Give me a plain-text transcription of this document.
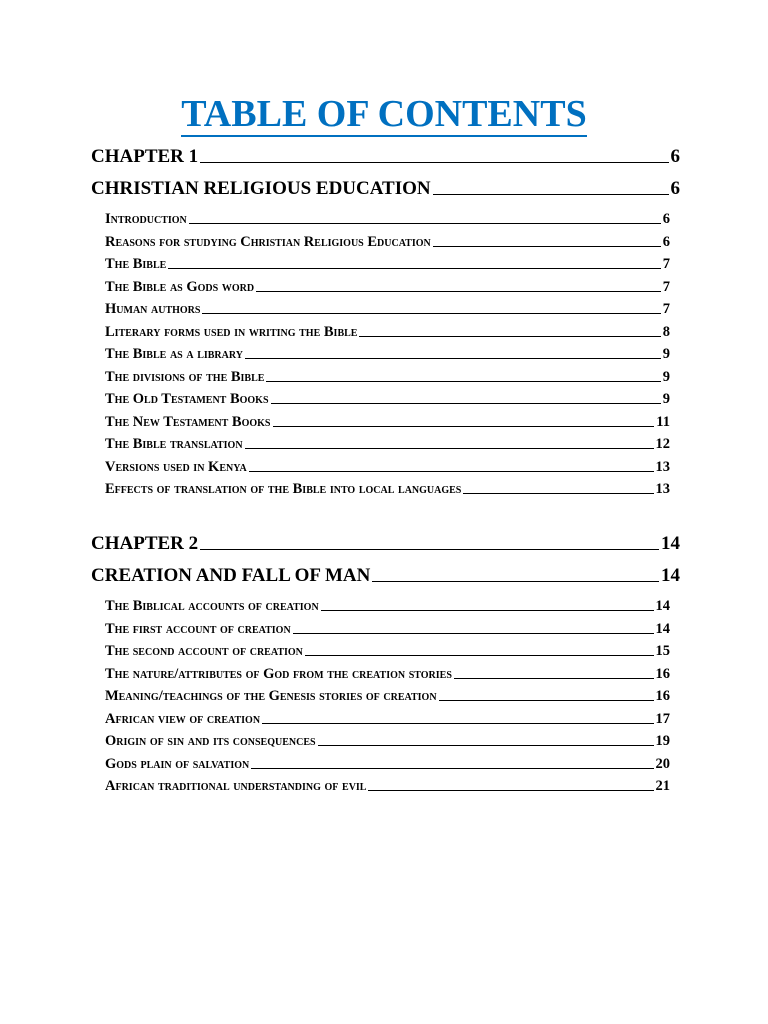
TABLE OF CONTENTS
CHAPTER 1	6
CHRISTIAN RELIGIOUS EDUCATION	6
Introduction	6
Reasons for studying Christian Religious Education	6
The Bible	7
The Bible as Gods word	7
Human authors	7
Literary forms used in writing the Bible	8
The Bible as a library	9
The divisions of the Bible	9
The Old Testament Books	9
The New Testament Books	11
The Bible translation	12
Versions used in Kenya	13
Effects of translation of the Bible into local languages	13
CHAPTER 2	14
CREATION AND FALL OF MAN	14
The Biblical accounts of creation	14
The first account of creation	14
The second account of creation	15
The nature/attributes of God from the creation stories	16
Meaning/teachings of the Genesis stories of creation	16
African view of creation	17
Origin of sin and its consequences	19
Gods plain of salvation	20
African traditional understanding of evil	21
